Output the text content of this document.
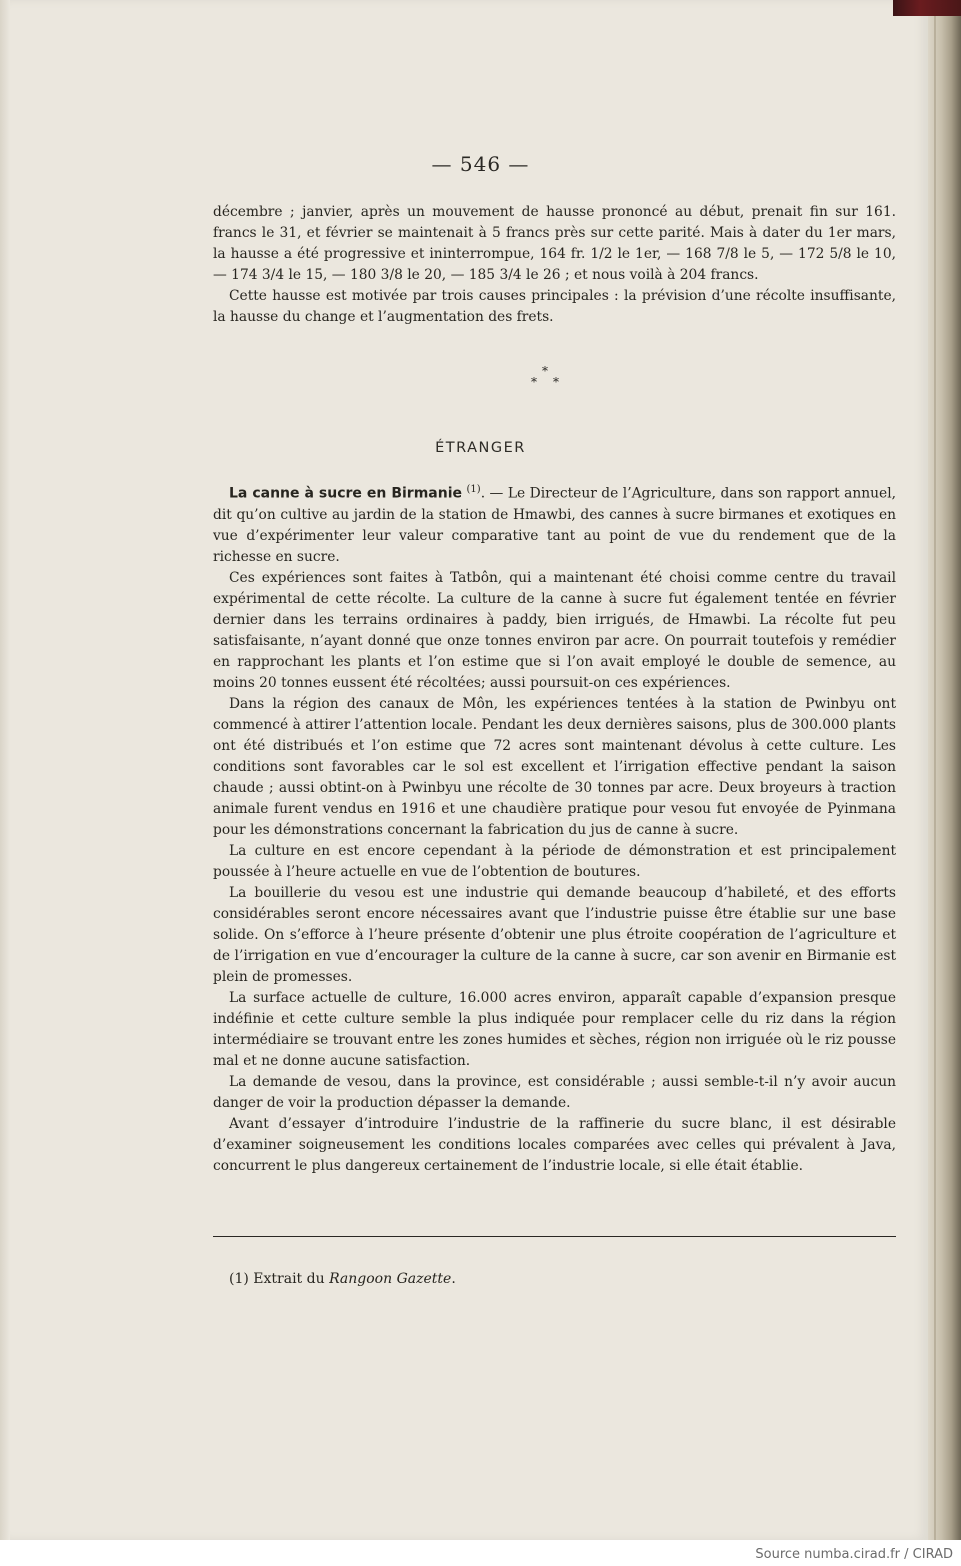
— 546 —

décembre ; janvier, après un mouvement de hausse prononcé au début, prenait fin sur 161. francs le 31, et février se maintenait à 5 francs près sur cette parité. Mais à dater du 1er mars, la hausse a été progressive et ininterrompue, 164 fr. 1/2 le 1er, — 168 7/8 le 5, — 172 5/8 le 10, — 174 3/4 le 15, — 180 3/8 le 20, — 185 3/4 le 26 ; et nous voilà à 204 francs.

Cette hausse est motivée par trois causes principales : la prévision d’une récolte insuffisante, la hausse du change et l’augmentation des frets.

*
* *
ÉTRANGER

La canne à sucre en Birmanie $^{(1)}$. — Le Directeur de l’Agriculture, dans son rapport annuel, dit qu’on cultive au jardin de la station de Hmawbi, des cannes à sucre birmanes et exotiques en vue d’expérimenter leur valeur comparative tant au point de vue du rendement que de la richesse en sucre.

Ces expériences sont faites à Tatbôn, qui a maintenant été choisi comme centre du travail expérimental de cette récolte. La culture de la canne à sucre fut également tentée en février dernier dans les terrains ordinaires à paddy, bien irrigués, de Hmawbi. La récolte fut peu satisfaisante, n’ayant donné que onze tonnes environ par acre. On pourrait toutefois y remédier en rapprochant les plants et l’on estime que si l’on avait employé le double de semence, au moins 20 tonnes eussent été récoltées; aussi poursuit-on ces expériences.

Dans la région des canaux de Môn, les expériences tentées à la station de Pwinbyu ont commencé à attirer l’attention locale. Pendant les deux dernières saisons, plus de 300.000 plants ont été distribués et l’on estime que 72 acres sont maintenant dévolus à cette culture. Les conditions sont favorables car le sol est excellent et l’irrigation effective pendant la saison chaude ; aussi obtint-on à Pwinbyu une récolte de 30 tonnes par acre. Deux broyeurs à traction animale furent vendus en 1916 et une chaudière pratique pour vesou fut envoyée de Pyinmana pour les démonstrations concernant la fabrication du jus de canne à sucre.

La culture en est encore cependant à la période de démonstration et est principalement poussée à l’heure actuelle en vue de l’obtention de boutures.

La bouillerie du vesou est une industrie qui demande beaucoup d’habileté, et des efforts considérables seront encore nécessaires avant que l’industrie puisse être établie sur une base solide. On s’efforce à l’heure présente d’obtenir une plus étroite coopération de l’agriculture et de l’irrigation en vue d’encourager la culture de la canne à sucre, car son avenir en Birmanie est plein de promesses.

La surface actuelle de culture, 16.000 acres environ, apparaît capable d’expansion presque indéfinie et cette culture semble la plus indiquée pour remplacer celle du riz dans la région intermédiaire se trouvant entre les zones humides et sèches, région non irriguée où le riz pousse mal et ne donne aucune satisfaction.

La demande de vesou, dans la province, est considérable ; aussi semble-t-il n’y avoir aucun danger de voir la production dépasser la demande.

Avant d’essayer d’introduire l’industrie de la raffinerie du sucre blanc, il est désirable d’examiner soigneusement les conditions locales comparées avec celles qui prévalent à Java, concurrent le plus dangereux certainement de l’industrie locale, si elle était établie.

(1) Extrait du Rangoon Gazette.
Source numba.cirad.fr / CIRAD
